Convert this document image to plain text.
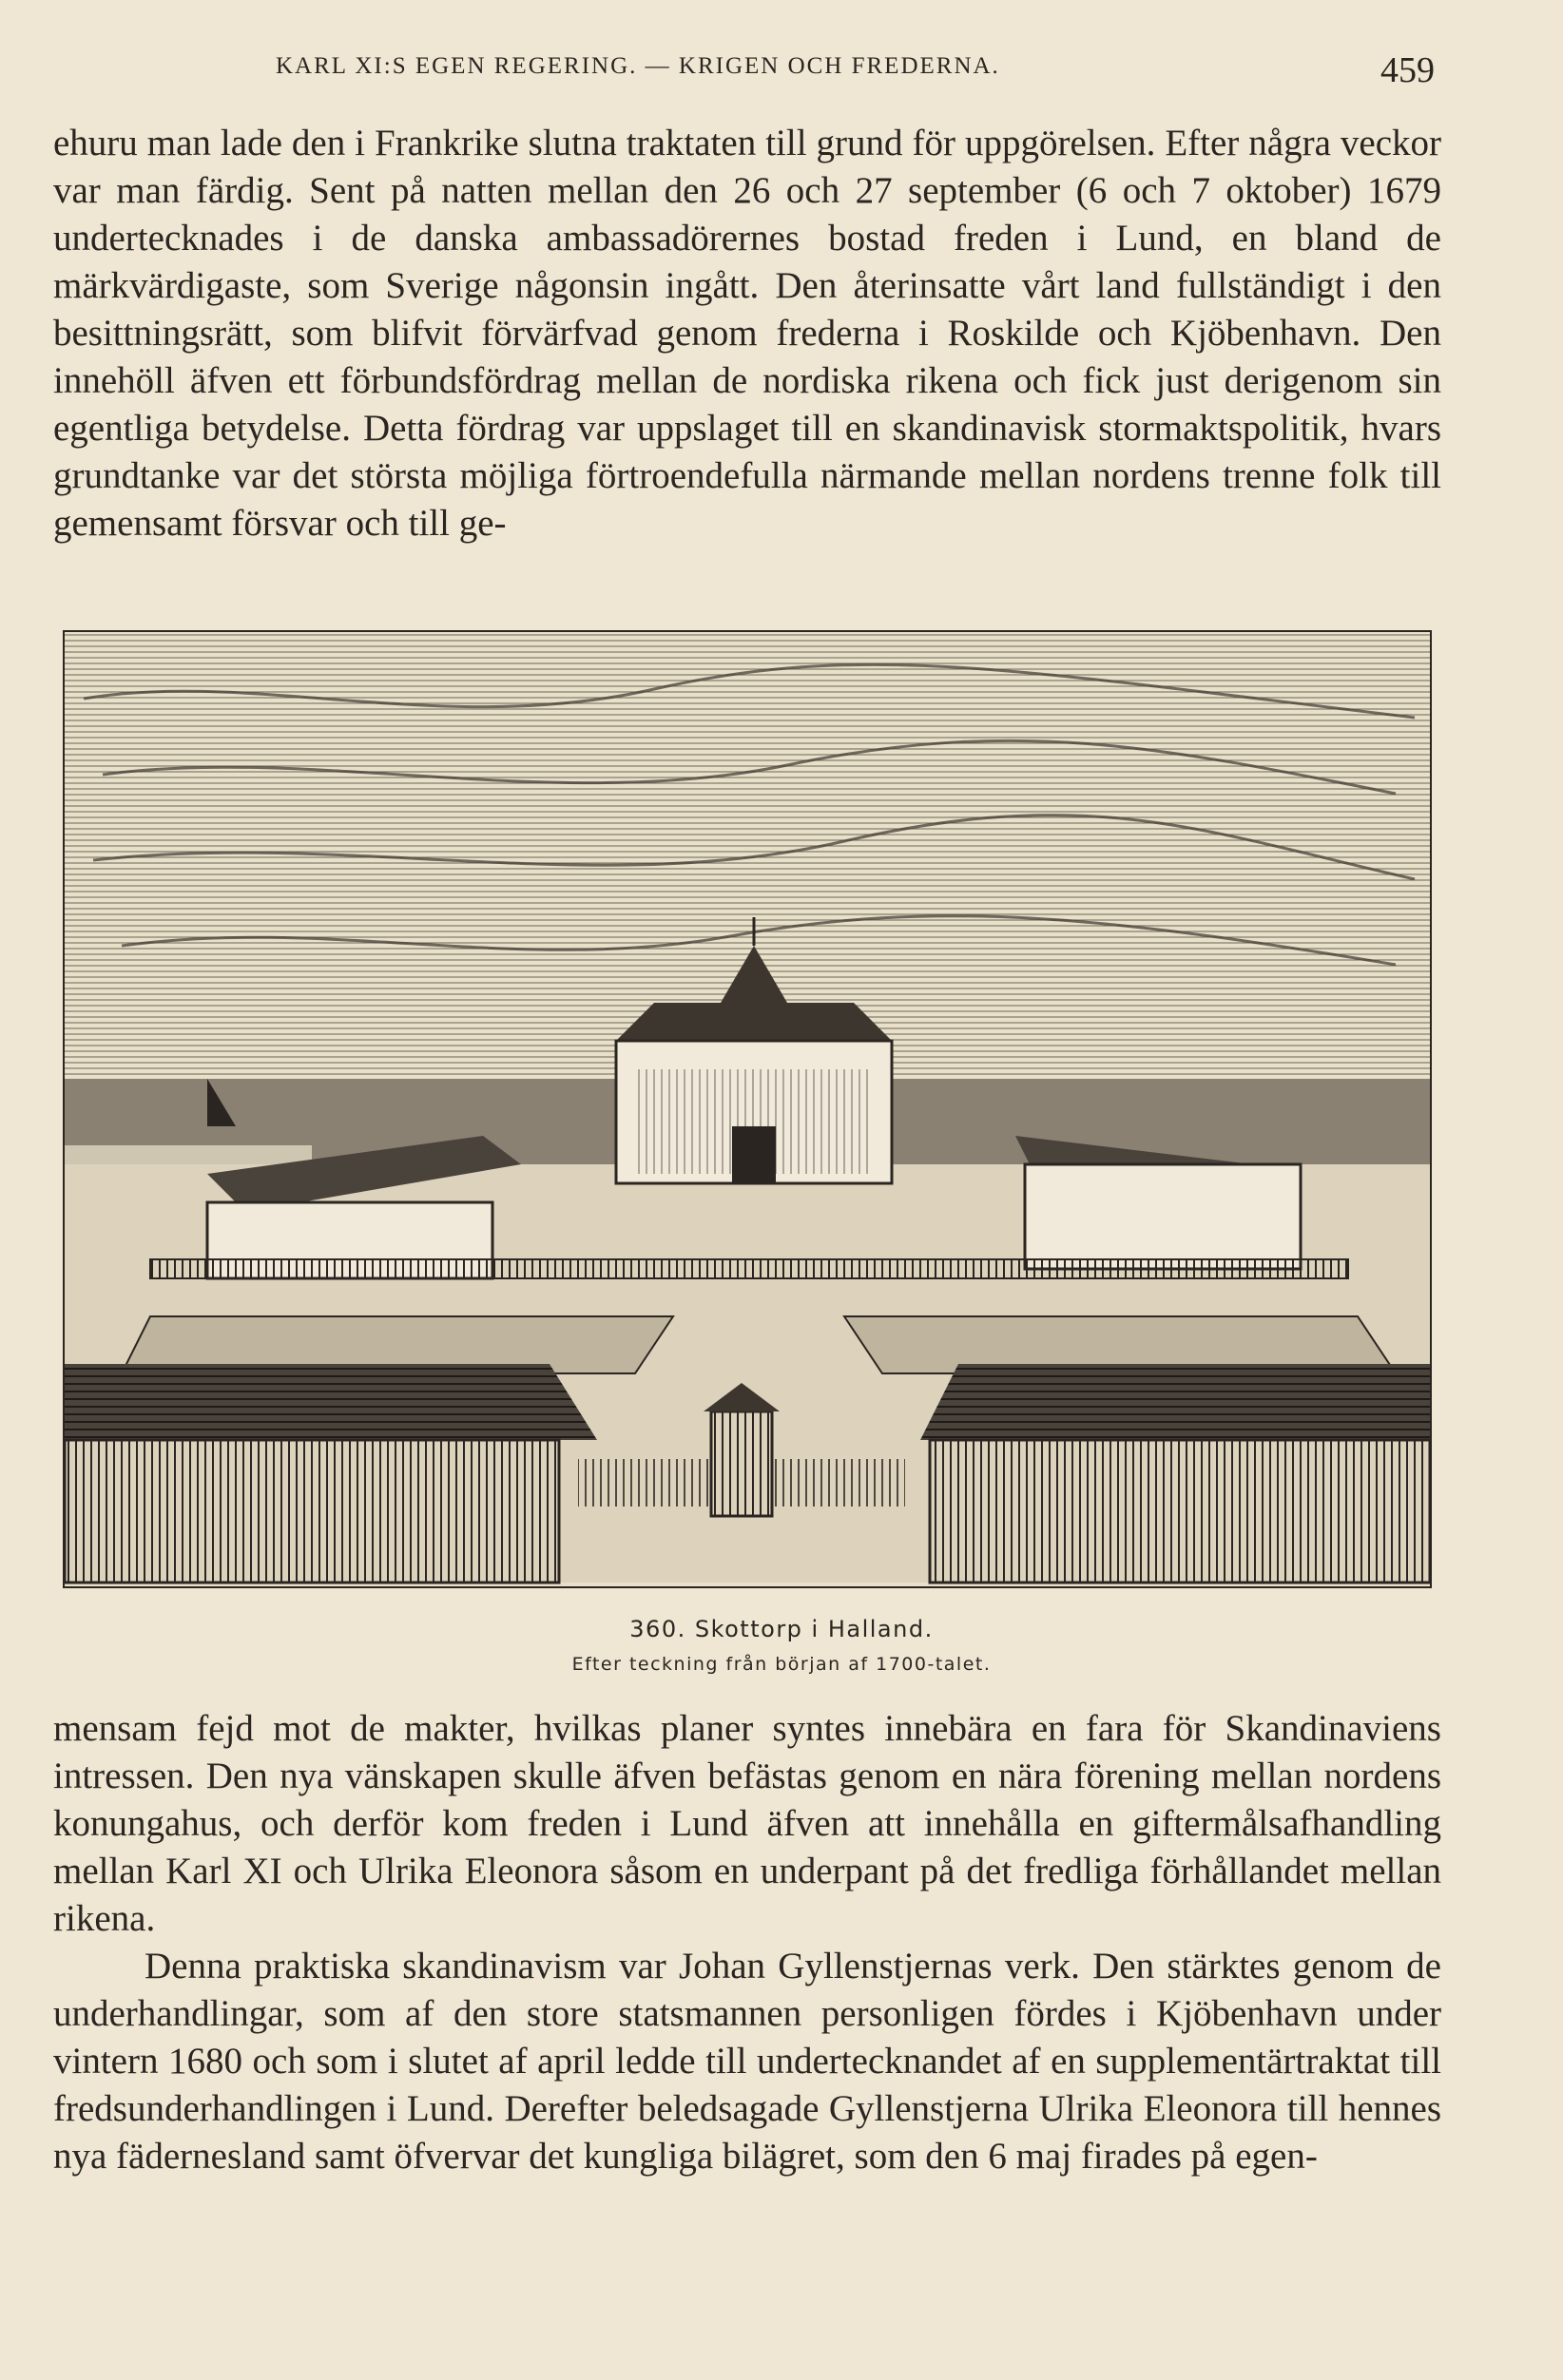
KARL XI:S EGEN REGERING. — KRIGEN OCH FREDERNA.	459

ehuru man lade den i Frankrike slutna traktaten till grund för uppgörelsen. Efter några veckor var man färdig. Sent på natten mellan den 26 och 27 september (6 och 7 oktober) 1679 undertecknades i de danska ambassadörernes bostad freden i Lund, en bland de märkvärdigaste, som Sverige någonsin ingått. Den återinsatte vårt land fullständigt i den besittningsrätt, som blifvit förvärfvad genom frederna i Roskilde och Kjöbenhavn. Den innehöll äfven ett förbundsfördrag mellan de nordiska rikena och fick just derigenom sin egentliga betydelse. Detta fördrag var uppslaget till en skandinavisk stormaktspolitik, hvars grundtanke var det största möjliga förtroendefulla närmande mellan nordens trenne folk till gemensamt försvar och till ge-

360. Skottorp i Halland.
Efter teckning från början af 1700-talet.

mensam fejd mot de makter, hvilkas planer syntes innebära en fara för Skandinaviens intressen. Den nya vänskapen skulle äfven befästas genom en nära förening mellan nordens konungahus, och derför kom freden i Lund äfven att innehålla en giftermålsafhandling mellan Karl XI och Ulrika Eleonora såsom en underpant på det fredliga förhållandet mellan rikena.

Denna praktiska skandinavism var Johan Gyllenstjernas verk. Den stärktes genom de underhandlingar, som af den store statsmannen personligen fördes i Kjöbenhavn under vintern 1680 och som i slutet af april ledde till undertecknandet af en supplementärtraktat till fredsunderhandlingen i Lund. Derefter beledsagade Gyllenstjerna Ulrika Eleonora till hennes nya fädernesland samt öfvervar det kungliga bilägret, som den 6 maj firades på egen-
